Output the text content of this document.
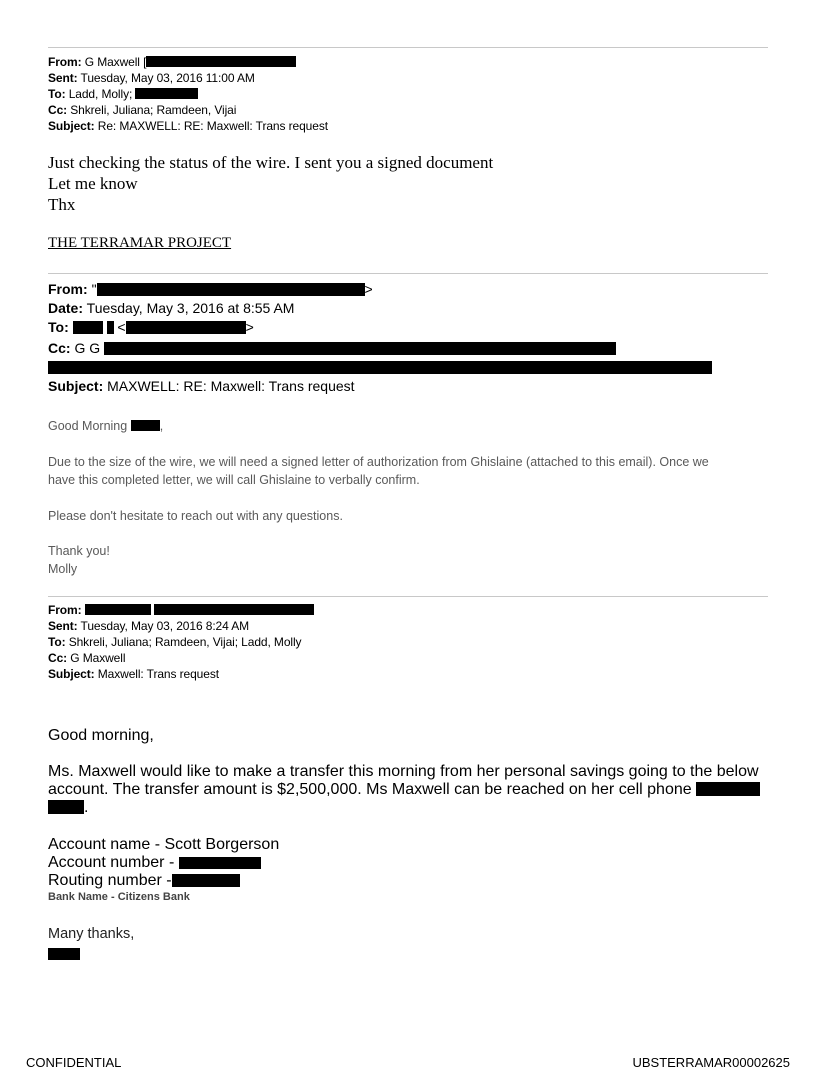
From: G Maxwell [
Sent: Tuesday, May 03, 2016 11:00 AM
To: Ladd, Molly;
Cc: Shkreli, Juliana; Ramdeen, Vijai
Subject: Re: MAXWELL: RE: Maxwell: Trans request
Just checking the status of the wire. I sent you a signed document
Let me know
Thx
THE TERRAMAR PROJECT
From: "	>
Date: Tuesday, May 3, 2016 at 8:55 AM
To:	<	>
Cc: G G
Subject: MAXWELL: RE: Maxwell: Trans request
Good Morning	,
Due to the size of the wire, we will need a signed letter of authorization from Ghislaine (attached to this email). Once we
have this completed letter, we will call Ghislaine to verbally confirm.
Please don't hesitate to reach out with any questions.
Thank you!
Molly
From:
Sent: Tuesday, May 03, 2016 8:24 AM
To: Shkreli, Juliana; Ramdeen, Vijai; Ladd, Molly
Cc: G Maxwell
Subject: Maxwell: Trans request
Good morning,
Ms. Maxwell would like to make a transfer this morning from her personal savings going to the below
account. The transfer amount is $2,500,000. Ms Maxwell can be reached on her cell phone
.
Account name - Scott Borgerson
Account number -
Routing number -
Bank Name - Citizens Bank
Many thanks,
CONFIDENTIAL	UBSTERRAMAR00002625
